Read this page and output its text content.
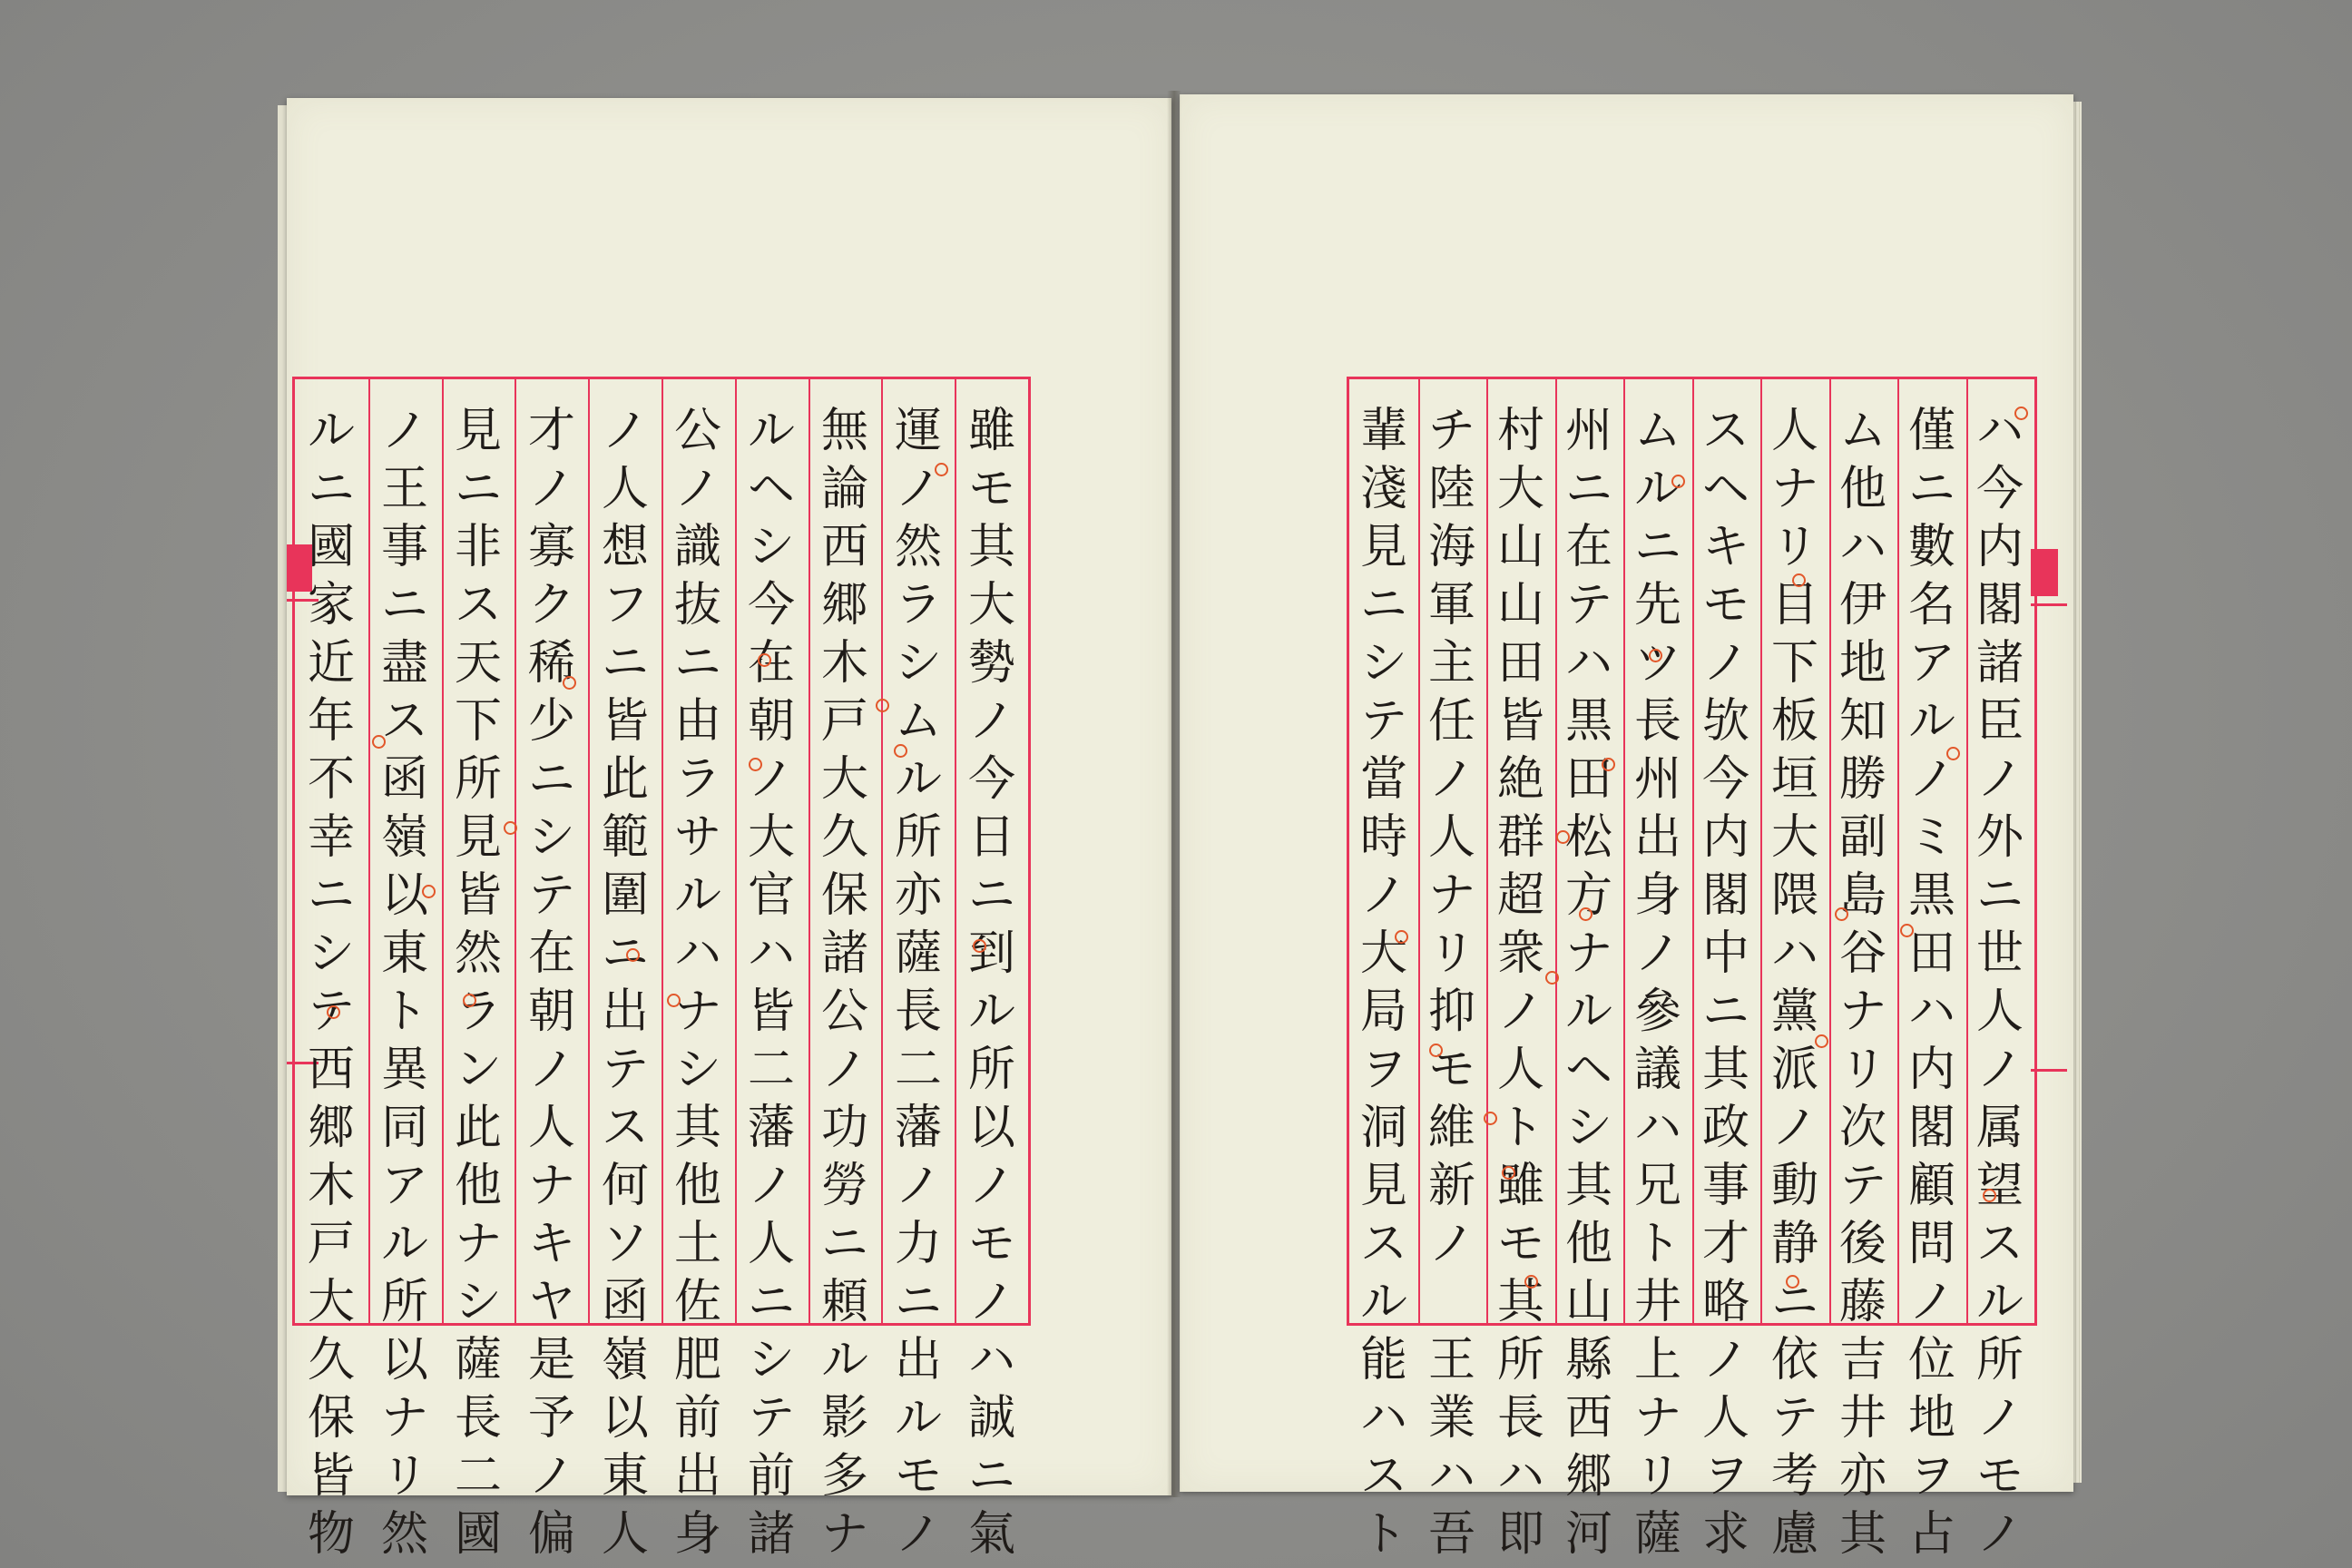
雖
モ
其
大
勢
ノ
今
日
ニ
到
ル
所
以
ノ
モ
ノ
ハ
誠
ニ
氣
運
ノ
然
ラ
シ
ム
ル
所
亦
薩
長
二
藩
ノ
力
ニ
出
ル
モ
ノ
無
論
西
郷
木
戸
大
久
保
諸
公
ノ
功
勞
ニ
頼
ル
影
多
ナ
ル
ヘ
シ
今
在
朝
ノ
大
官
ハ
皆
二
藩
ノ
人
ニ
シ
テ
前
諸
公
ノ
識
抜
ニ
由
ラ
サ
ル
ハ
ナ
シ
其
他
土
佐
肥
前
出
身
ノ
人
想
フ
ニ
皆
此
範
圍
ニ
出
テ
ス
何
ソ
函
嶺
以
東
人
才
ノ
寡
ク
稀
少
ニ
シ
テ
在
朝
ノ
人
ナ
キ
ヤ
是
予
ノ
偏
見
ニ
非
ス
天
下
所
見
皆
然
ラ
ン
此
他
ナ
シ
薩
長
二
國
ノ
王
事
ニ
盡
ス
函
嶺
以
東
ト
異
同
ア
ル
所
以
ナ
リ
然
ル
ニ
國
家
近
年
不
幸
ニ
シ
テ
西
郷
木
戸
大
久
保
皆
物
ハ
今
内
閣
諸
臣
ノ
外
ニ
世
人
ノ
属
望
ス
ル
所
ノ
モ
ノ
僅
ニ
數
名
ア
ル
ノ
ミ
黒
田
ハ
内
閣
顧
問
ノ
位
地
ヲ
占
ム
他
ハ
伊
地
知
勝
副
島
谷
ナ
リ
次
テ
後
藤
吉
井
亦
其
人
ナ
リ
目
下
板
垣
大
隈
ハ
黨
派
ノ
動
静
ニ
依
テ
考
慮
ス
ヘ
キ
モ
ノ
欤
今
内
閣
中
ニ
其
政
事
才
略
ノ
人
ヲ
求
ム
ル
ニ
先
ツ
長
州
出
身
ノ
參
議
ハ
兄
ト
井
上
ナ
リ
薩
州
ニ
在
テ
ハ
黒
田
松
方
ナ
ル
ヘ
シ
其
他
山
縣
西
郷
河
村
大
山
山
田
皆
絶
群
超
衆
ノ
人
ト
雖
モ
其
所
長
ハ
即
チ
陸
海
軍
主
任
ノ
人
ナ
リ
抑
モ
維
新
ノ

王
業
ハ
吾
輩
淺
見
ニ
シ
テ
當
時
ノ
大
局
ヲ
洞
見
ス
ル
能
ハ
ス
ト
